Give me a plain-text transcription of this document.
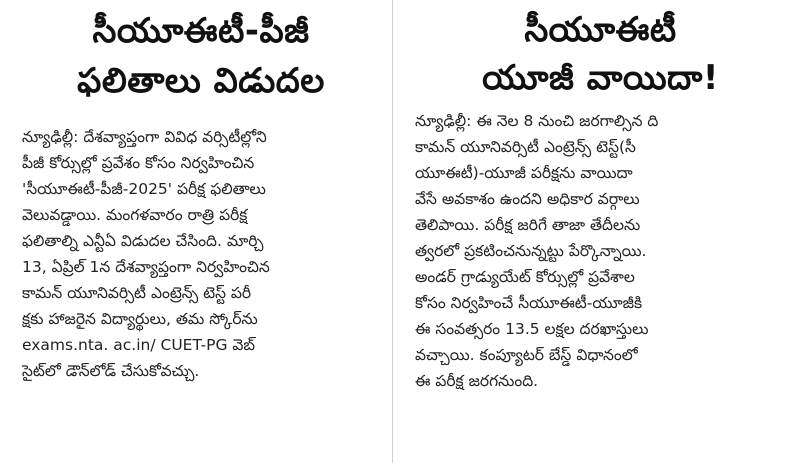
సీయూఈటీ-పీజీ
ఫలితాలు విడుదల
న్యూఢిల్లీ: దేశవ్యాప్తంగా వివిధ వర్సిటీల్లోని
పీజీ కోర్సుల్లో ప్రవేశం కోసం నిర్వహించిన
'సీయూఈటీ-పీజీ-2025' పరీక్ష ఫలితాలు
వెలువడ్డాయి. మంగళవారం రాత్రి పరీక్ష
ఫలితాల్ని ఎన్టీఏ విడుదల చేసింది. మార్చి
13, ఏప్రిల్ 1న దేశవ్యాప్తంగా నిర్వహించిన
కామన్ యూనివర్సిటీ ఎంట్రెన్స్ టెస్ట్ పరీ
క్షకు హాజరైన విద్యార్థులు, తమ స్కోర్‌ను
exams.nta. ac.in/ CUET-PG వెబ్
సైట్‌లో డౌన్‌లోడ్ చేసుకోవచ్చు.
సీయూఈటీ
యూజీ వాయిదా!
న్యూఢిల్లీ: ఈ నెల 8 నుంచి జరగాల్సిన ది
కామన్ యూనివర్సిటీ ఎంట్రెన్స్ టెస్ట్(సీ
యూఈటీ)-యూజీ పరీక్షను వాయిదా
వేసే అవకాశం ఉందని అధికార వర్గాలు
తెలిపాయి. పరీక్ష జరిగే తాజా తేదీలను
త్వరలో ప్రకటించనున్నట్టు పేర్కొన్నాయి.
అండర్ గ్రాడ్యుయేట్ కోర్సుల్లో ప్రవేశాల
కోసం నిర్వహించే సీయూఈటీ-యూజీకి
ఈ సంవత్సరం 13.5 లక్షల దరఖాస్తులు
వచ్చాయి. కంప్యూటర్ బేస్డ్ విధానంలో
ఈ పరీక్ష జరగనుంది.
